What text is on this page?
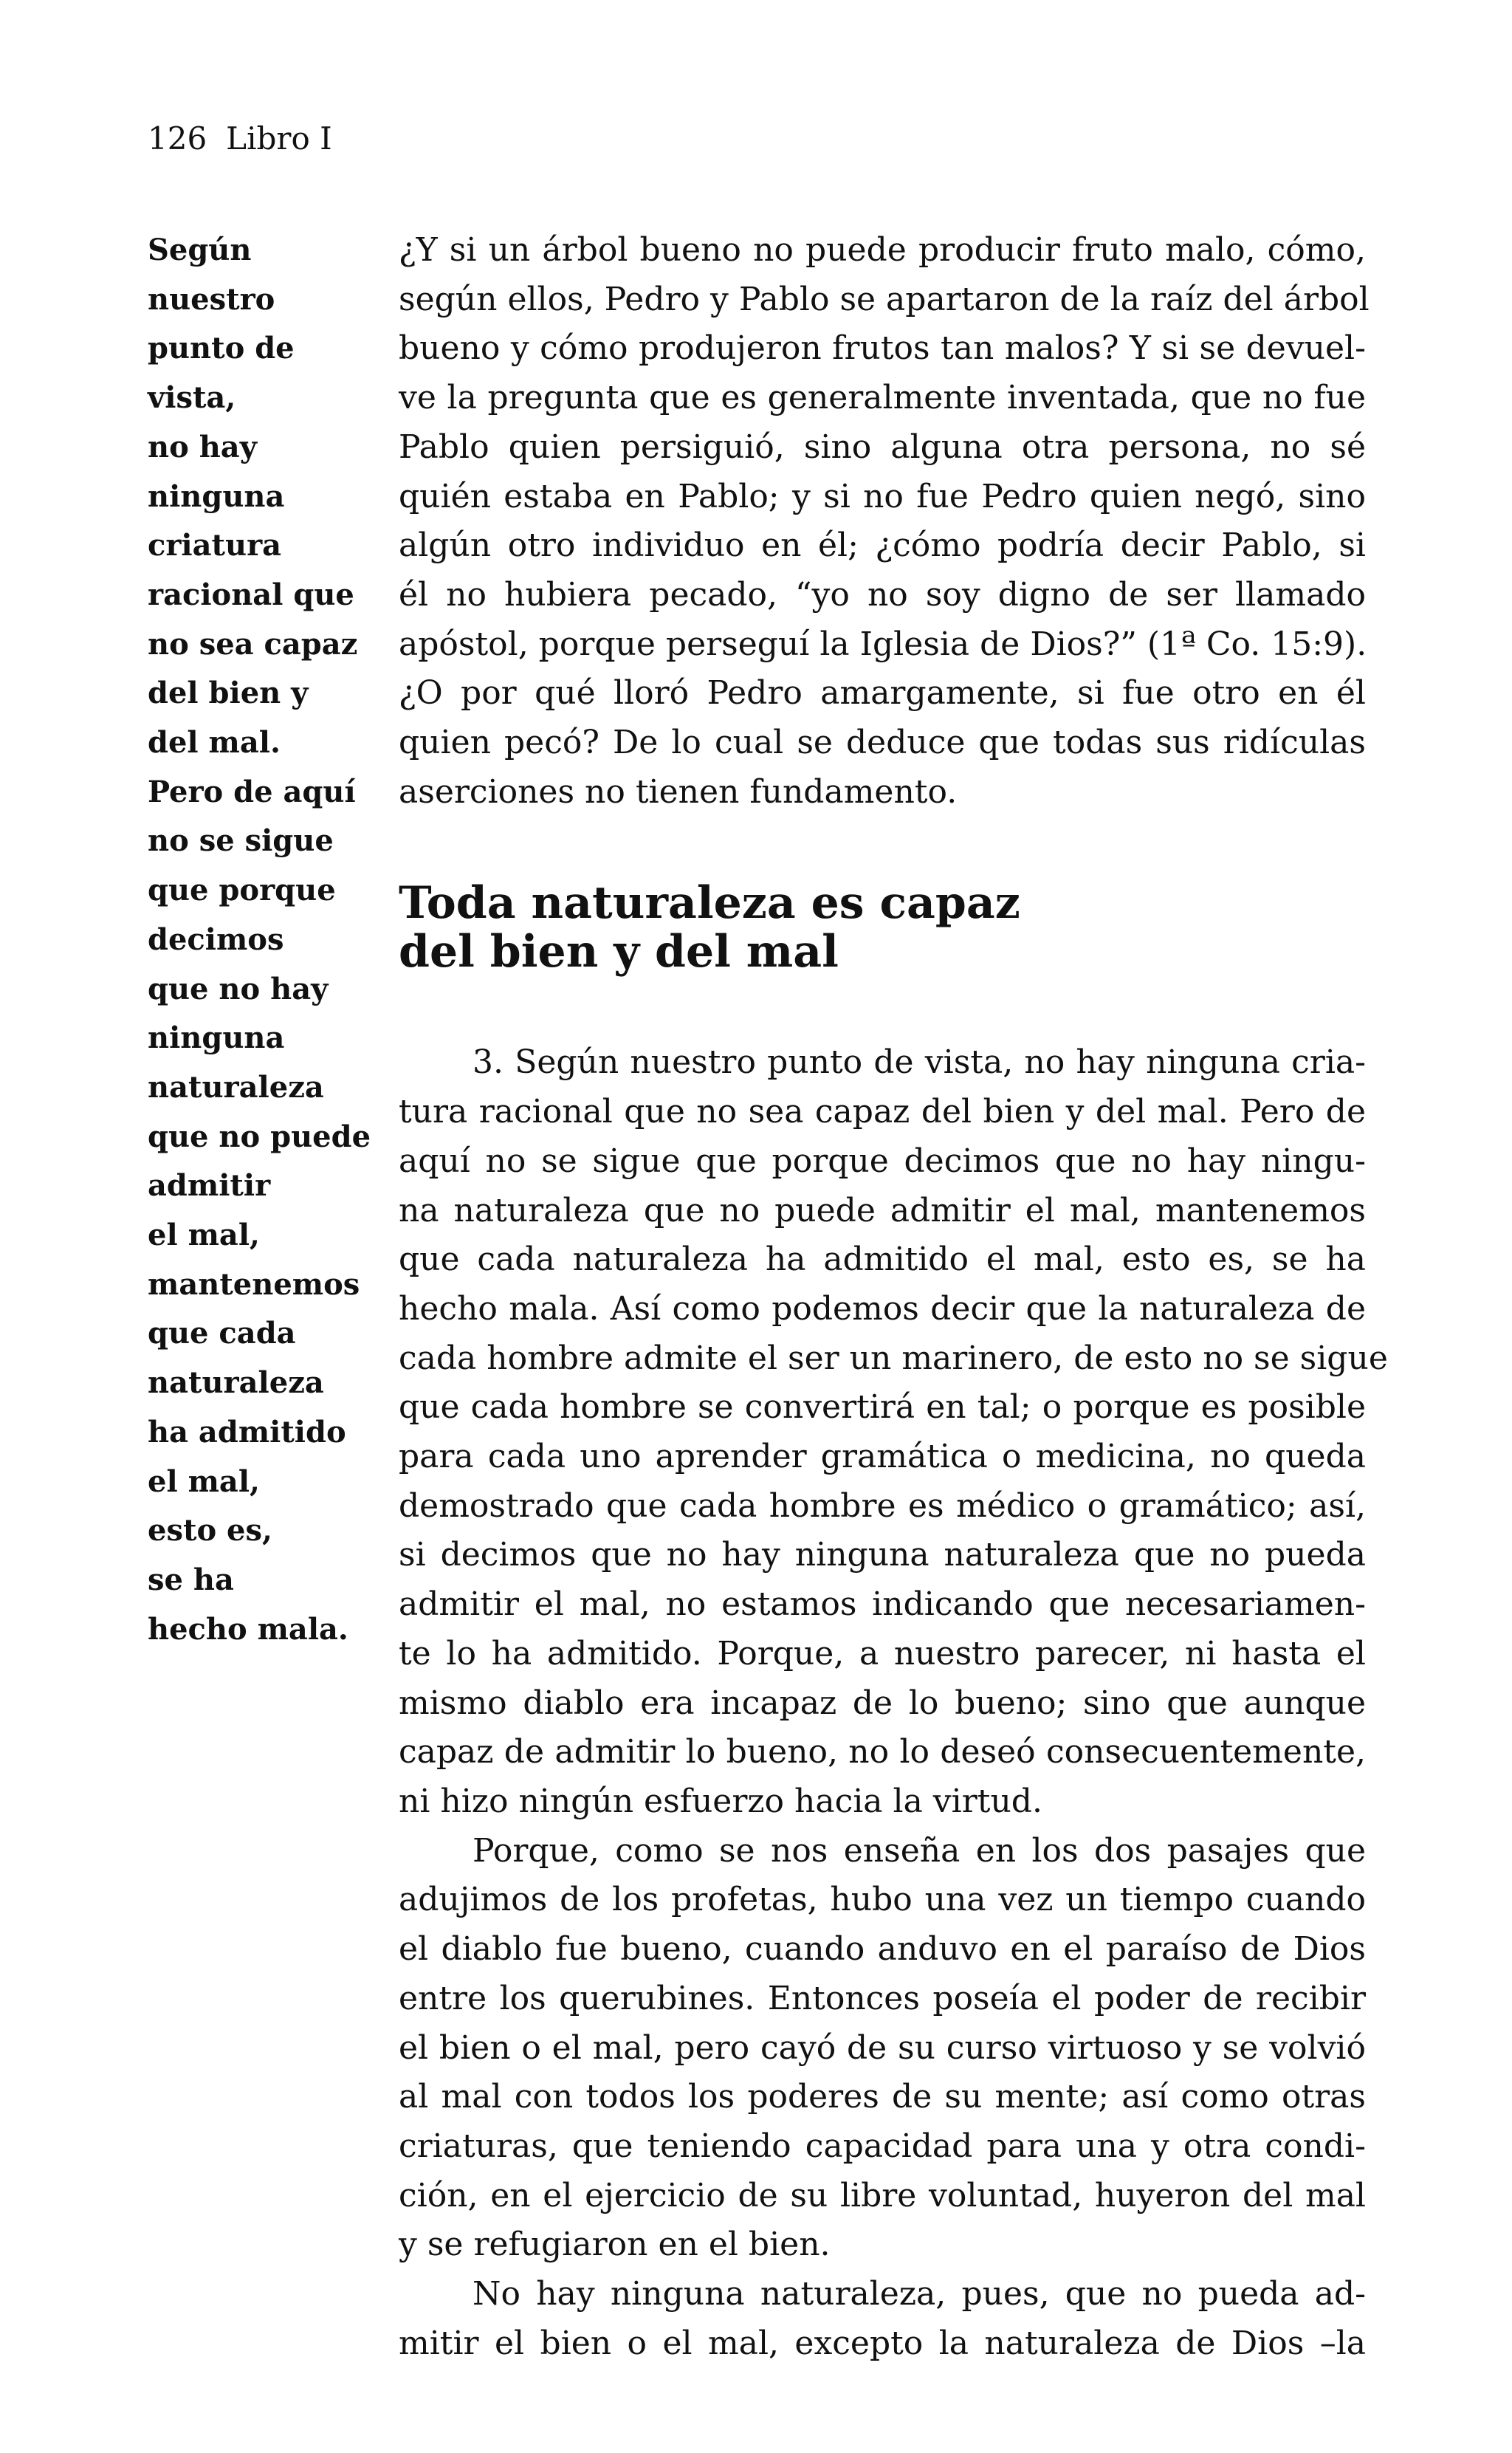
126 Libro I
Según
nuestro
punto de
vista,
no hay
ninguna
criatura
racional que
no sea capaz
del bien y
del mal.
Pero de aquí
no se sigue
que porque
decimos
que no hay
ninguna
naturaleza
que no puede
admitir
el mal,
mantenemos
que cada
naturaleza
ha admitido
el mal,
esto es,
se ha
hecho mala.
¿Y si un árbol bueno no puede producir fruto malo, cómo,
según ellos, Pedro y Pablo se apartaron de la raíz del árbol
bueno y cómo produjeron frutos tan malos? Y si se devuel-
ve la pregunta que es generalmente inventada, que no fue
Pablo quien persiguió, sino alguna otra persona, no sé
quién estaba en Pablo; y si no fue Pedro quien negó, sino
algún otro individuo en él; ¿cómo podría decir Pablo, si
él no hubiera pecado, “yo no soy digno de ser llamado
apóstol, porque perseguí la Iglesia de Dios?” (1ª Co. 15:9).
¿O por qué lloró Pedro amargamente, si fue otro en él
quien pecó? De lo cual se deduce que todas sus ridículas
aserciones no tienen fundamento.
Toda naturaleza es capaz
del bien y del mal
3. Según nuestro punto de vista, no hay ninguna cria-
tura racional que no sea capaz del bien y del mal. Pero de
aquí no se sigue que porque decimos que no hay ningu-
na naturaleza que no puede admitir el mal, mantenemos
que cada naturaleza ha admitido el mal, esto es, se ha
hecho mala. Así como podemos decir que la naturaleza de
cada hombre admite el ser un marinero, de esto no se sigue
que cada hombre se convertirá en tal; o porque es posible
para cada uno aprender gramática o medicina, no queda
demostrado que cada hombre es médico o gramático; así,
si decimos que no hay ninguna naturaleza que no pueda
admitir el mal, no estamos indicando que necesariamen-
te lo ha admitido. Porque, a nuestro parecer, ni hasta el
mismo diablo era incapaz de lo bueno; sino que aunque
capaz de admitir lo bueno, no lo deseó consecuentemente,
ni hizo ningún esfuerzo hacia la virtud.
Porque, como se nos enseña en los dos pasajes que
adujimos de los profetas, hubo una vez un tiempo cuando
el diablo fue bueno, cuando anduvo en el paraíso de Dios
entre los querubines. Entonces poseía el poder de recibir
el bien o el mal, pero cayó de su curso virtuoso y se volvió
al mal con todos los poderes de su mente; así como otras
criaturas, que teniendo capacidad para una y otra condi-
ción, en el ejercicio de su libre voluntad, huyeron del mal
y se refugiaron en el bien.
No hay ninguna naturaleza, pues, que no pueda ad-
mitir el bien o el mal, excepto la naturaleza de Dios –la
